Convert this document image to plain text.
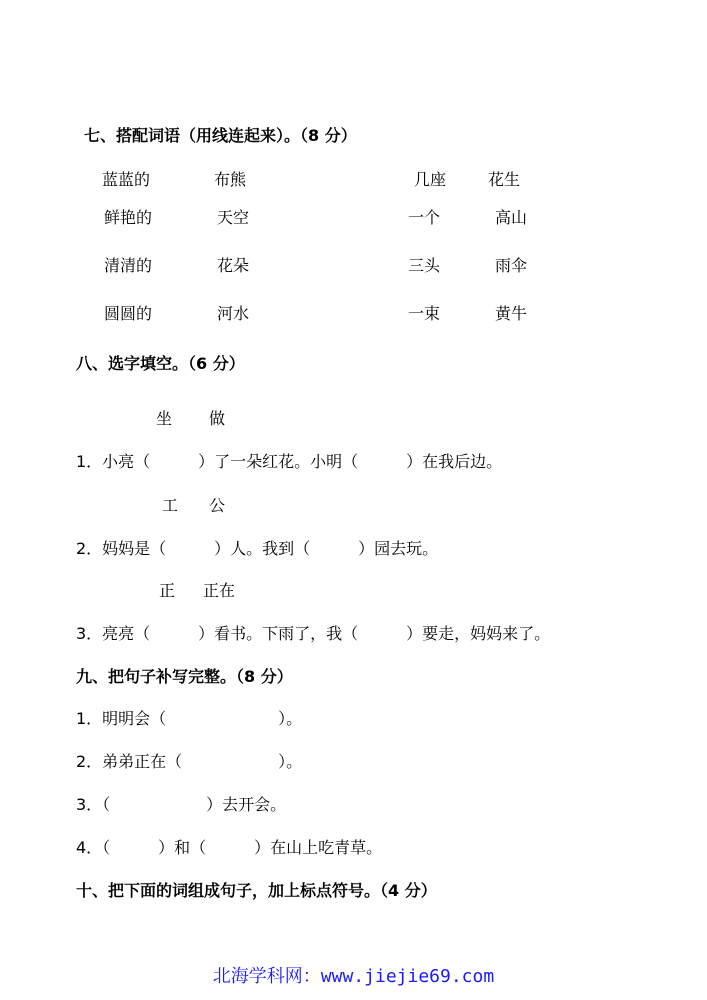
七、搭配词语（用线连起来）。（8 分）
蓝蓝的	布熊	几座	花生
鲜艳的	天空	一个	高山
清清的	花朵	三头	雨伞
圆圆的	河水	一束	黄牛
八、选字填空。（6 分）
坐 做
1．小亮（　　　）了一朵红花。小明（　　　）在我后边。
工 公
2．妈妈是（　　　）人。我到（　　　）园去玩。
正 正在
3．亮亮（　　　）看书。下雨了，我（　　　）要走，妈妈来了。
九、把句子补写完整。（8 分）
1．明明会（　　　　　　　）。
2．弟弟正在（　　　　　　）。
3．（　　　　　　）去开会。
4．（　　　）和（　　　）在山上吃青草。
十、把下面的词组成句子，加上标点符号。（4 分）
北海学科网：www.jiejie69.com
